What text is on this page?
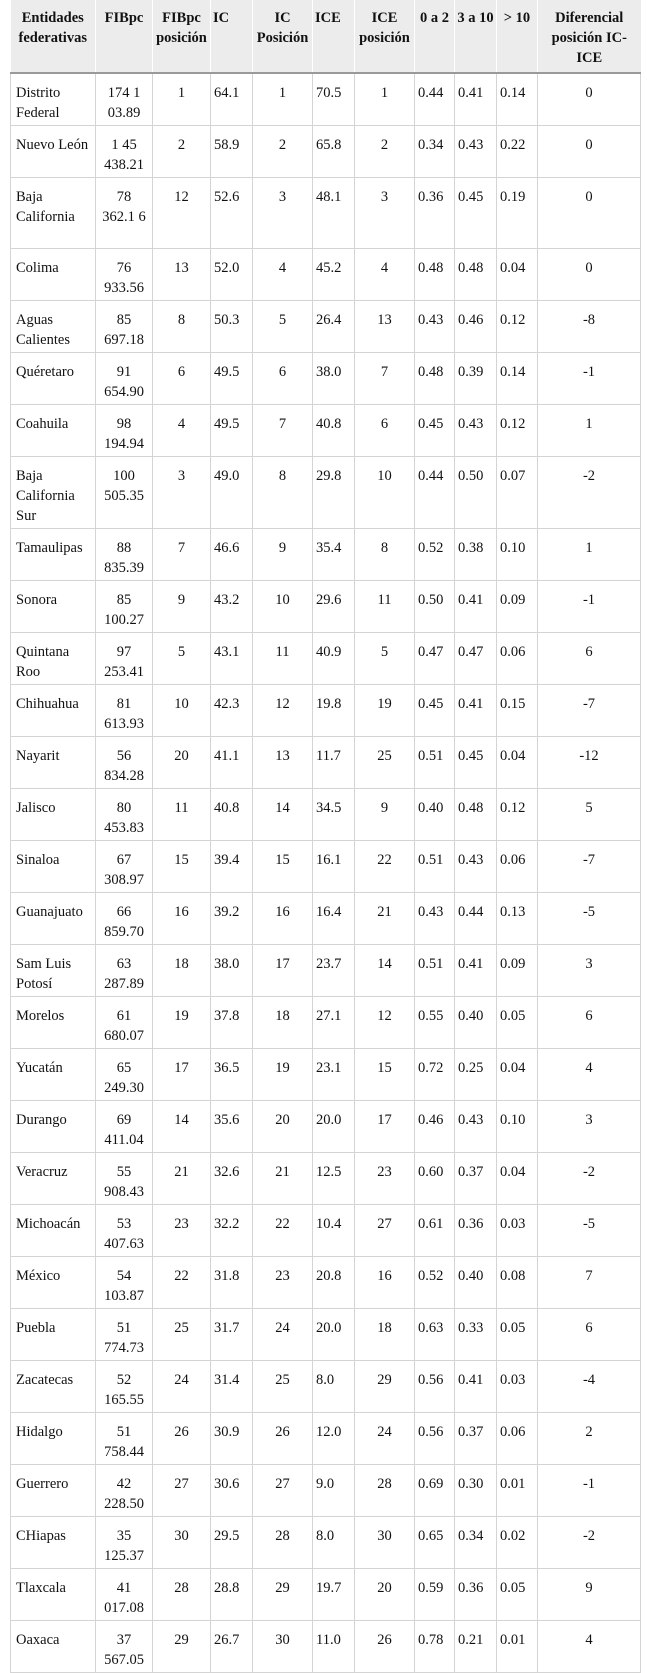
Entidades federativas	FIBpc	FIBpc posición	IC	IC Posición	ICE	ICE posición	0 a 2	3 a 10	> 10	Diferencial posición IC-ICE
Distrito Federal	174 1 03.89	1	64.1	1	70.5	1	0.44	0.41	0.14	0
Nuevo León	1 45 438.21	2	58.9	2	65.8	2	0.34	0.43	0.22	0
Baja California	78 362.1 6	12	52.6	3	48.1	3	0.36	0.45	0.19	0
Colima	76 933.56	13	52.0	4	45.2	4	0.48	0.48	0.04	0
Aguas Calientes	85 697.18	8	50.3	5	26.4	13	0.43	0.46	0.12	-8
Quéretaro	91 654.90	6	49.5	6	38.0	7	0.48	0.39	0.14	-1
Coahuila	98 194.94	4	49.5	7	40.8	6	0.45	0.43	0.12	1
Baja California Sur	100 505.35	3	49.0	8	29.8	10	0.44	0.50	0.07	-2
Tamaulipas	88 835.39	7	46.6	9	35.4	8	0.52	0.38	0.10	1
Sonora	85 100.27	9	43.2	10	29.6	11	0.50	0.41	0.09	-1
Quintana Roo	97 253.41	5	43.1	11	40.9	5	0.47	0.47	0.06	6
Chihuahua	81 613.93	10	42.3	12	19.8	19	0.45	0.41	0.15	-7
Nayarit	56 834.28	20	41.1	13	11.7	25	0.51	0.45	0.04	-12
Jalisco	80 453.83	11	40.8	14	34.5	9	0.40	0.48	0.12	5
Sinaloa	67 308.97	15	39.4	15	16.1	22	0.51	0.43	0.06	-7
Guanajuato	66 859.70	16	39.2	16	16.4	21	0.43	0.44	0.13	-5
Sam Luis Potosí	63 287.89	18	38.0	17	23.7	14	0.51	0.41	0.09	3
Morelos	61 680.07	19	37.8	18	27.1	12	0.55	0.40	0.05	6
Yucatán	65 249.30	17	36.5	19	23.1	15	0.72	0.25	0.04	4
Durango	69 411.04	14	35.6	20	20.0	17	0.46	0.43	0.10	3
Veracruz	55 908.43	21	32.6	21	12.5	23	0.60	0.37	0.04	-2
Michoacán	53 407.63	23	32.2	22	10.4	27	0.61	0.36	0.03	-5
México	54 103.87	22	31.8	23	20.8	16	0.52	0.40	0.08	7
Puebla	51 774.73	25	31.7	24	20.0	18	0.63	0.33	0.05	6
Zacatecas	52 165.55	24	31.4	25	8.0	29	0.56	0.41	0.03	-4
Hidalgo	51 758.44	26	30.9	26	12.0	24	0.56	0.37	0.06	2
Guerrero	42 228.50	27	30.6	27	9.0	28	0.69	0.30	0.01	-1
CHiapas	35 125.37	30	29.5	28	8.0	30	0.65	0.34	0.02	-2
Tlaxcala	41 017.08	28	28.8	29	19.7	20	0.59	0.36	0.05	9
Oaxaca	37 567.05	29	26.7	30	11.0	26	0.78	0.21	0.01	4
